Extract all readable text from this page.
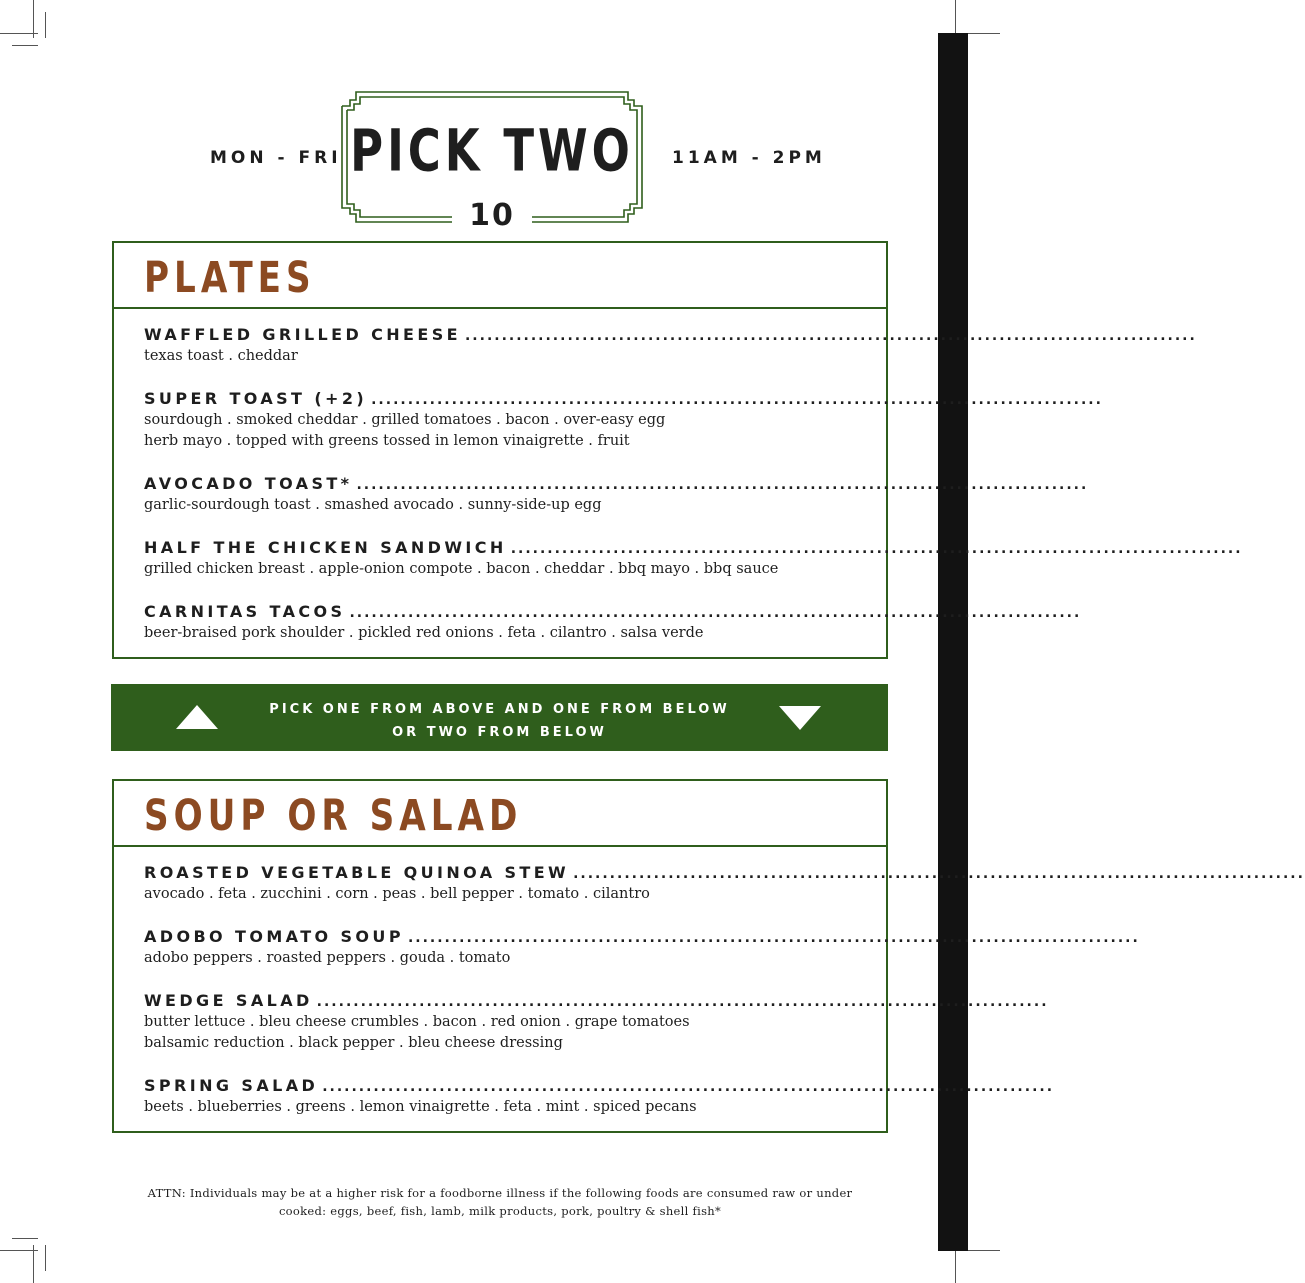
MON - FRI	11AM - 2PM
PICK TWO
10
PLATES
WAFFLED GRILLED CHEESE ....................................................................................................
texas toast . cheddar
SUPER TOAST (+2) ....................................................................................................
sourdough . smoked cheddar . grilled tomatoes . bacon . over-easy egg
herb mayo . topped with greens tossed in lemon vinaigrette . fruit
AVOCADO TOAST* ....................................................................................................
garlic-sourdough toast . smashed avocado . sunny-side-up egg
HALF THE CHICKEN SANDWICH ....................................................................................................
grilled chicken breast . apple-onion compote . bacon . cheddar . bbq mayo . bbq sauce
CARNITAS TACOS ....................................................................................................
beer-braised pork shoulder . pickled red onions . feta . cilantro . salsa verde
PICK ONE FROM ABOVE AND ONE FROM BELOW
OR TWO FROM BELOW
SOUP OR SALAD
ROASTED VEGETABLE QUINOA STEW ....................................................................................................
avocado . feta . zucchini . corn . peas . bell pepper . tomato . cilantro
ADOBO TOMATO SOUP ....................................................................................................
adobo peppers . roasted peppers . gouda . tomato
WEDGE SALAD ....................................................................................................
butter lettuce . bleu cheese crumbles . bacon . red onion . grape tomatoes
balsamic reduction . black pepper . bleu cheese dressing
SPRING SALAD ....................................................................................................
beets . blueberries . greens . lemon vinaigrette . feta . mint . spiced pecans
ATTN: Individuals may be at a higher risk for a foodborne illness if the following foods are consumed raw or under
cooked: eggs, beef, fish, lamb, milk products, pork, poultry & shell fish*
